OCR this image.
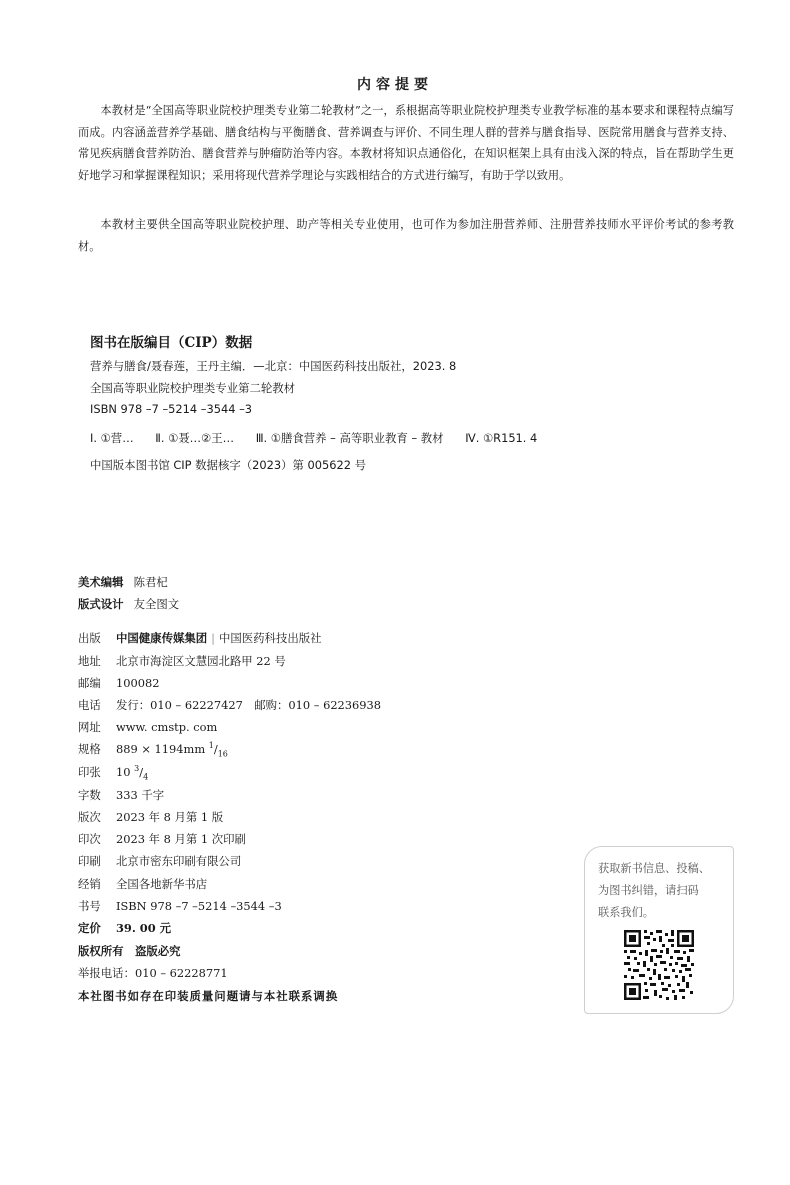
内容提要
本教材是“全国高等职业院校护理类专业第二轮教材”之一，系根据高等职业院校护理类专业教学标准的基本要求和课程特点编写而成。内容涵盖营养学基础、膳食结构与平衡膳食、营养调查与评价、不同生理人群的营养与膳食指导、医院常用膳食与营养支持、常见疾病膳食营养防治、膳食营养与肿瘤防治等内容。本教材将知识点通俗化，在知识框架上具有由浅入深的特点，旨在帮助学生更好地学习和掌握课程知识；采用将现代营养学理论与实践相结合的方式进行编写，有助于学以致用。
本教材主要供全国高等职业院校护理、助产等相关专业使用，也可作为参加注册营养师、注册营养技师水平评价考试的参考教材。
图书在版编目（CIP）数据
营养与膳食/聂春莲，王丹主编．—北京：中国医药科技出版社，2023. 8
全国高等职业院校护理类专业第二轮教材
ISBN 978 –7 –5214 –3544 –3
Ⅰ. ①营… Ⅱ. ①聂…②王… Ⅲ. ①膳食营养 – 高等职业教育 – 教材 Ⅳ. ①R151. 4
中国版本图书馆 CIP 数据核字（2023）第 005622 号
美术编辑 陈君杞
版式设计 友全图文
出版 中国健康传媒集团 | 中国医药科技出版社
地址 北京市海淀区文慧园北路甲 22 号
邮编 100082
电话 发行：010 – 62227427　邮购：010 – 62236938
网址 www. cmstp. com
规格 889 × 1194mm $^1/_{16}$
印张 10 $^3/_4$
字数 333 千字
版次 2023 年 8 月第 1 版
印次 2023 年 8 月第 1 次印刷
印刷 北京市密东印刷有限公司
经销 全国各地新华书店
书号 ISBN 978 –7 –5214 –3544 –3
定价 39. 00 元
版权所有　盗版必究
举报电话：010 – 62228771
本社图书如存在印装质量问题请与本社联系调换
获取新书信息、投稿、
为图书纠错，请扫码
联系我们。
